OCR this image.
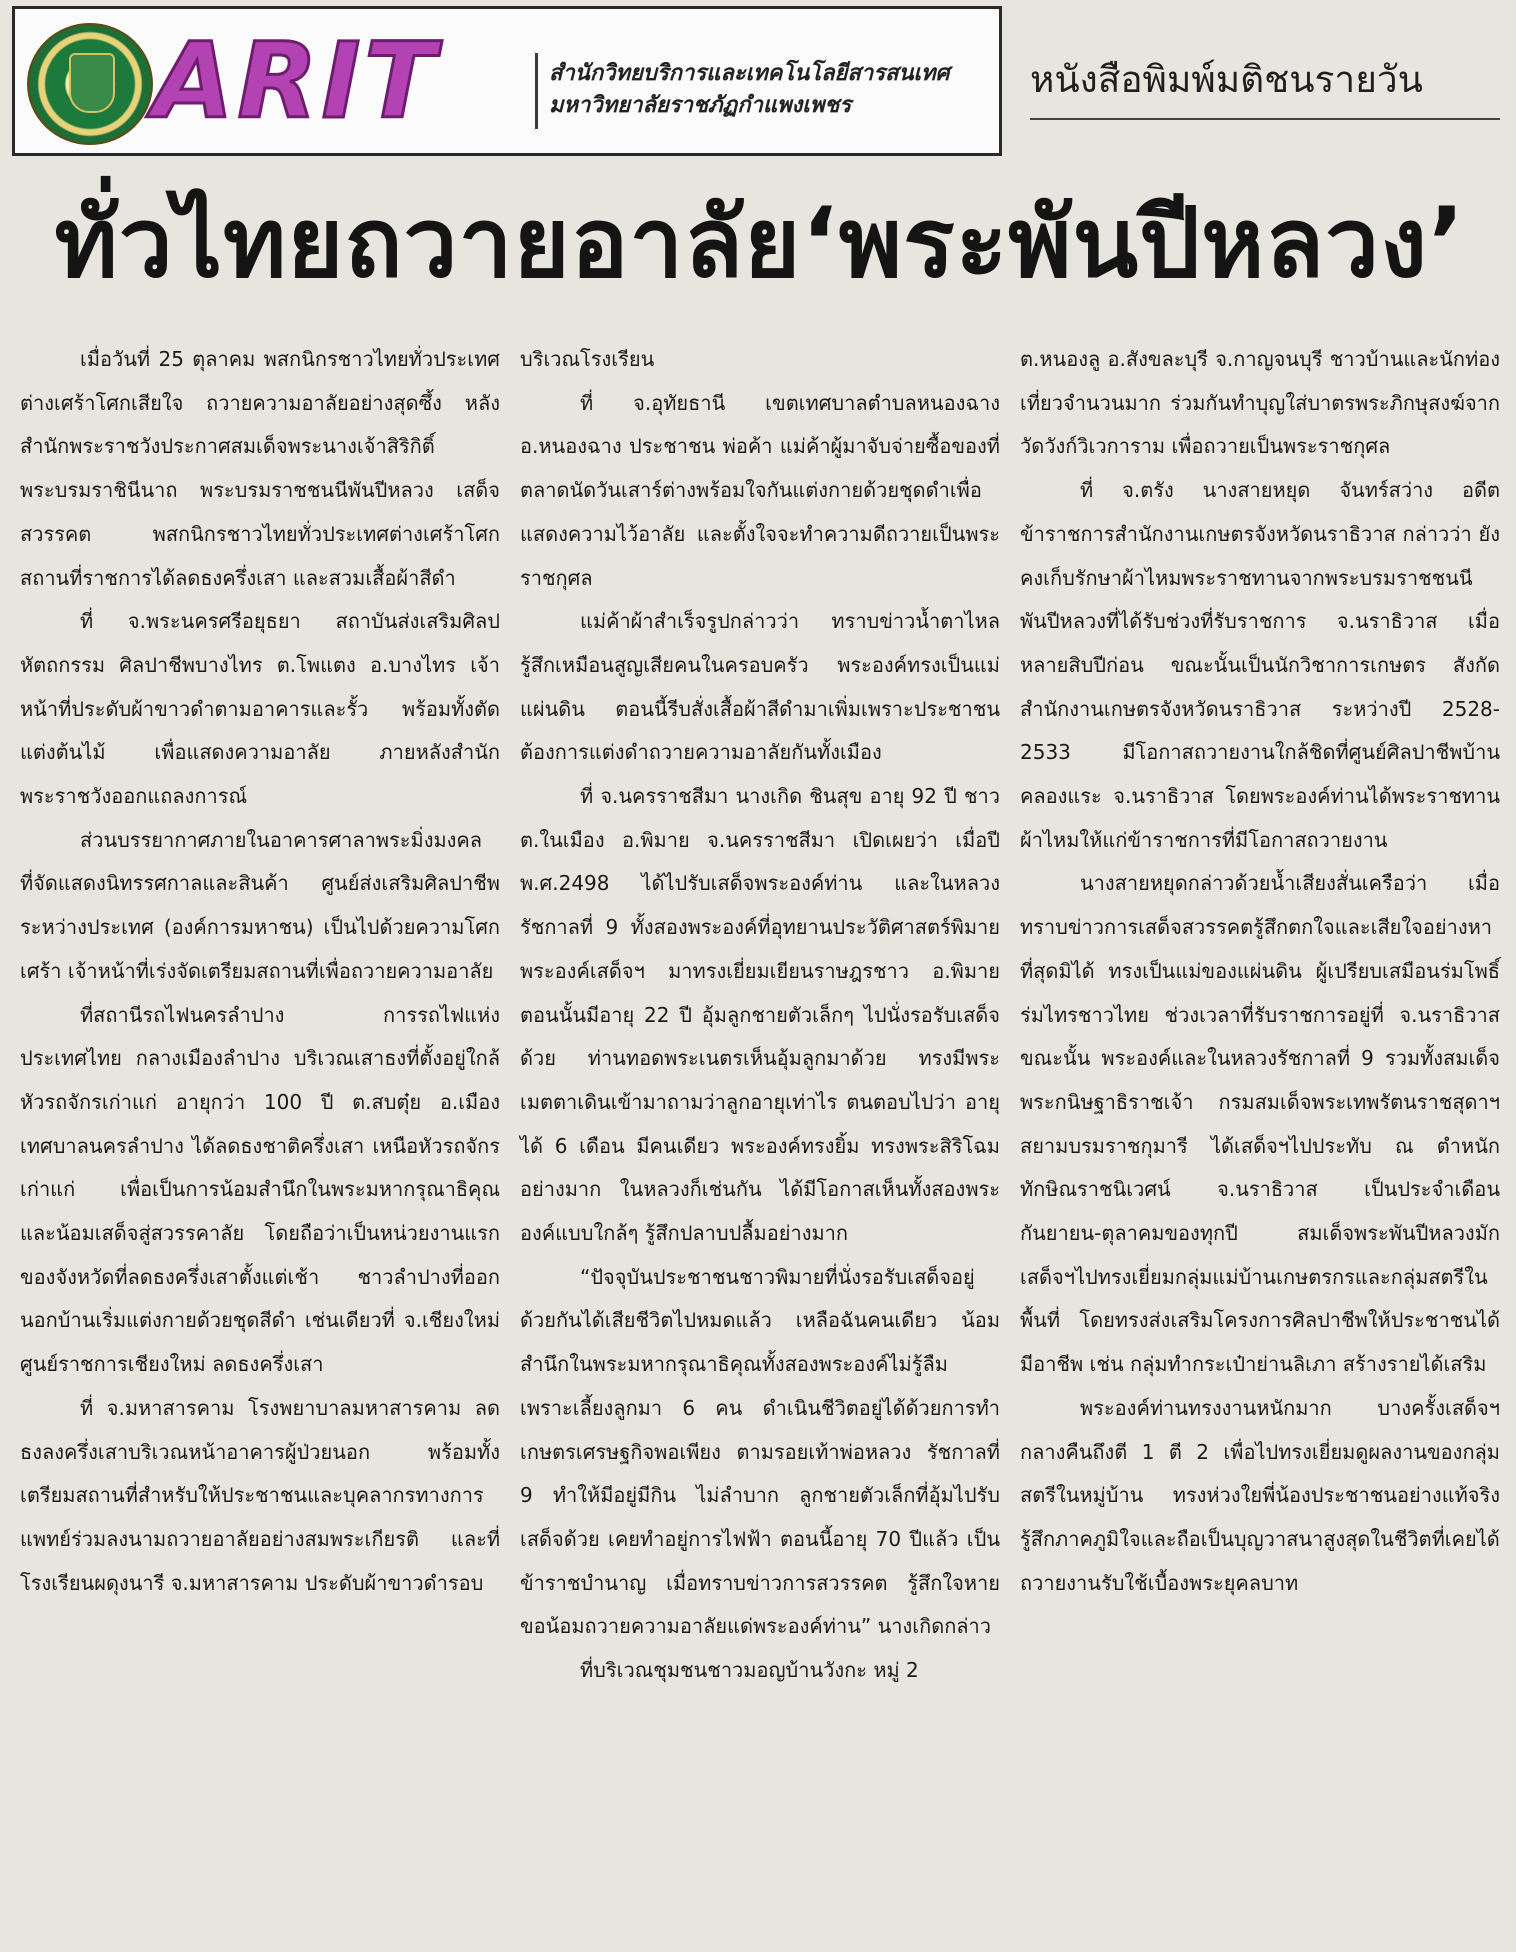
ARIT	สำนักวิทยบริการและเทคโนโลยีสารสนเทศ
มหาวิทยาลัยราชภัฏกำแพงเพชร
หนังสือพิมพ์มติชนรายวัน
ทั่วไทยถวายอาลัย‘พระพันปีหลวง’

เมื่อวันที่ 25 ตุลาคม พสกนิกรชาวไทยทั่วประเทศต่างเศร้าโศกเสียใจ ถวายความอาลัยอย่างสุดซึ้ง หลังสำนักพระราชวังประกาศสมเด็จพระนางเจ้าสิริกิติ์ พระบรมราชินีนาถ พระบรมราชชนนีพันปีหลวง เสด็จสวรรคต พสกนิกรชาวไทยทั่วประเทศต่างเศร้าโศก สถานที่ราชการได้ลดธงครึ่งเสา และสวมเสื้อผ้าสีดำ

ที่ จ.พระนครศรีอยุธยา สถาบันส่งเสริมศิลปหัตถกรรม ศิลปาชีพบางไทร ต.โพแตง อ.บางไทร เจ้าหน้าที่ประดับผ้าขาวดำตามอาคารและรั้ว พร้อมทั้งตัดแต่งต้นไม้ เพื่อแสดงความอาลัย ภายหลังสำนักพระราชวังออกแถลงการณ์

ส่วนบรรยากาศภายในอาคารศาลาพระมิ่งมงคล ที่จัดแสดงนิทรรศกาลและสินค้า ศูนย์ส่งเสริมศิลปาชีพระหว่างประเทศ (องค์การมหาชน) เป็นไปด้วยความโศกเศร้า เจ้าหน้าที่เร่งจัดเตรียมสถานที่เพื่อถวายความอาลัย

ที่สถานีรถไฟนครลำปาง การรถไฟแห่งประเทศไทย กลางเมืองลำปาง บริเวณเสาธงที่ตั้งอยู่ใกล้หัวรถจักรเก่าแก่ อายุกว่า 100 ปี ต.สบตุ๋ย อ.เมือง เทศบาลนครลำปาง ได้ลดธงชาติครึ่งเสา เหนือหัวรถจักรเก่าแก่ เพื่อเป็นการน้อมสำนึกในพระมหากรุณาธิคุณ และน้อมเสด็จสู่สวรรคาลัย โดยถือว่าเป็นหน่วยงานแรกของจังหวัดที่ลดธงครึ่งเสาตั้งแต่เช้า ชาวลำปางที่ออกนอกบ้านเริ่มแต่งกายด้วยชุดสีดำ เช่นเดียวที่ จ.เชียงใหม่ ศูนย์ราชการเชียงใหม่ ลดธงครึ่งเสา

ที่ จ.มหาสารคาม โรงพยาบาลมหาสารคาม ลดธงลงครึ่งเสาบริเวณหน้าอาคารผู้ป่วยนอก พร้อมทั้งเตรียมสถานที่สำหรับให้ประชาชนและบุคลากรทางการแพทย์ร่วมลงนามถวายอาลัยอย่างสมพระเกียรติ และที่โรงเรียนผดุงนารี จ.มหาสารคาม ประดับผ้าขาวดำรอบ

บริเวณโรงเรียน

ที่ จ.อุทัยธานี เขตเทศบาลตำบลหนองฉาง อ.หนองฉาง ประชาชน พ่อค้า แม่ค้าผู้มาจับจ่ายซื้อของที่ตลาดนัดวันเสาร์ต่างพร้อมใจกันแต่งกายด้วยชุดดำเพื่อแสดงความไว้อาลัย และตั้งใจจะทำความดีถวายเป็นพระราชกุศล

แม่ค้าผ้าสำเร็จรูปกล่าวว่า ทราบข่าวน้ำตาไหล รู้สึกเหมือนสูญเสียคนในครอบครัว พระองค์ทรงเป็นแม่แผ่นดิน ตอนนี้รีบสั่งเสื้อผ้าสีดำมาเพิ่มเพราะประชาชนต้องการแต่งดำถวายความอาลัยกันทั้งเมือง

ที่ จ.นครราชสีมา นางเกิด ชินสุข อายุ 92 ปี ชาว ต.ในเมือง อ.พิมาย จ.นครราชสีมา เปิดเผยว่า เมื่อปี พ.ศ.2498 ได้ไปรับเสด็จพระองค์ท่าน และในหลวงรัชกาลที่ 9 ทั้งสองพระองค์ที่อุทยานประวัติศาสตร์พิมาย พระองค์เสด็จฯ มาทรงเยี่ยมเยียนราษฎรชาว อ.พิมาย ตอนนั้นมีอายุ 22 ปี อุ้มลูกชายตัวเล็กๆ ไปนั่งรอรับเสด็จด้วย ท่านทอดพระเนตรเห็นอุ้มลูกมาด้วย ทรงมีพระเมตตาเดินเข้ามาถามว่าลูกอายุเท่าไร ตนตอบไปว่า อายุได้ 6 เดือน มีคนเดียว พระองค์ทรงยิ้ม ทรงพระสิริโฉมอย่างมาก ในหลวงก็เช่นกัน ได้มีโอกาสเห็นทั้งสองพระองค์แบบใกล้ๆ รู้สึกปลาบปลื้มอย่างมาก

“ปัจจุบันประชาชนชาวพิมายที่นั่งรอรับเสด็จอยู่ด้วยกันได้เสียชีวิตไปหมดแล้ว เหลือฉันคนเดียว น้อมสำนึกในพระมหากรุณาธิคุณทั้งสองพระองค์ไม่รู้ลืม เพราะเลี้ยงลูกมา 6 คน ดำเนินชีวิตอยู่ได้ด้วยการทำเกษตรเศรษฐกิจพอเพียง ตามรอยเท้าพ่อหลวง รัชกาลที่ 9 ทำให้มีอยู่มีกิน ไม่ลำบาก ลูกชายตัวเล็กที่อุ้มไปรับเสด็จด้วย เคยทำอยู่การไฟฟ้า ตอนนี้อายุ 70 ปีแล้ว เป็นข้าราชบำนาญ เมื่อทราบข่าวการสวรรคต รู้สึกใจหาย ขอน้อมถวายความอาลัยแด่พระองค์ท่าน” นางเกิดกล่าว

ที่บริเวณชุมชนชาวมอญบ้านวังกะ หมู่ 2

ต.หนองลู อ.สังขละบุรี จ.กาญจนบุรี ชาวบ้านและนักท่องเที่ยวจำนวนมาก ร่วมกันทำบุญใส่บาตรพระภิกษุสงฆ์จากวัดวังก์วิเวการาม เพื่อถวายเป็นพระราชกุศล

ที่ จ.ตรัง นางสายหยุด จันทร์สว่าง อดีตข้าราชการสำนักงานเกษตรจังหวัดนราธิวาส กล่าวว่า ยังคงเก็บรักษาผ้าไหมพระราชทานจากพระบรมราชชนนีพันปีหลวงที่ได้รับช่วงที่รับราชการ จ.นราธิวาส เมื่อหลายสิบปีก่อน ขณะนั้นเป็นนักวิชาการเกษตร สังกัดสำนักงานเกษตรจังหวัดนราธิวาส ระหว่างปี 2528-2533 มีโอกาสถวายงานใกล้ชิดที่ศูนย์ศิลปาชีพบ้านคลองแระ จ.นราธิวาส โดยพระองค์ท่านได้พระราชทานผ้าไหมให้แก่ข้าราชการที่มีโอกาสถวายงาน

นางสายหยุดกล่าวด้วยน้ำเสียงสั่นเครือว่า เมื่อทราบข่าวการเสด็จสวรรคตรู้สึกตกใจและเสียใจอย่างหาที่สุดมิได้ ทรงเป็นแม่ของแผ่นดิน ผู้เปรียบเสมือนร่มโพธิ์ร่มไทรชาวไทย ช่วงเวลาที่รับราชการอยู่ที่ จ.นราธิวาสขณะนั้น พระองค์และในหลวงรัชกาลที่ 9 รวมทั้งสมเด็จพระกนิษฐาธิราชเจ้า กรมสมเด็จพระเทพรัตนราชสุดาฯ สยามบรมราชกุมารี ได้เสด็จฯไปประทับ ณ ตำหนักทักษิณราชนิเวศน์ จ.นราธิวาส เป็นประจำเดือนกันยายน-ตุลาคมของทุกปี สมเด็จพระพันปีหลวงมักเสด็จฯไปทรงเยี่ยมกลุ่มแม่บ้านเกษตรกรและกลุ่มสตรีในพื้นที่ โดยทรงส่งเสริมโครงการศิลปาชีพให้ประชาชนได้มีอาชีพ เช่น กลุ่มทำกระเป๋าย่านลิเภา สร้างรายได้เสริม

พระองค์ท่านทรงงานหนักมาก บางครั้งเสด็จฯกลางคืนถึงตี 1 ตี 2 เพื่อไปทรงเยี่ยมดูผลงานของกลุ่มสตรีในหมู่บ้าน ทรงห่วงใยพี่น้องประชาชนอย่างแท้จริงรู้สึกภาคภูมิใจและถือเป็นบุญวาสนาสูงสุดในชีวิตที่เคยได้ถวายงานรับใช้เบื้องพระยุคลบาท
